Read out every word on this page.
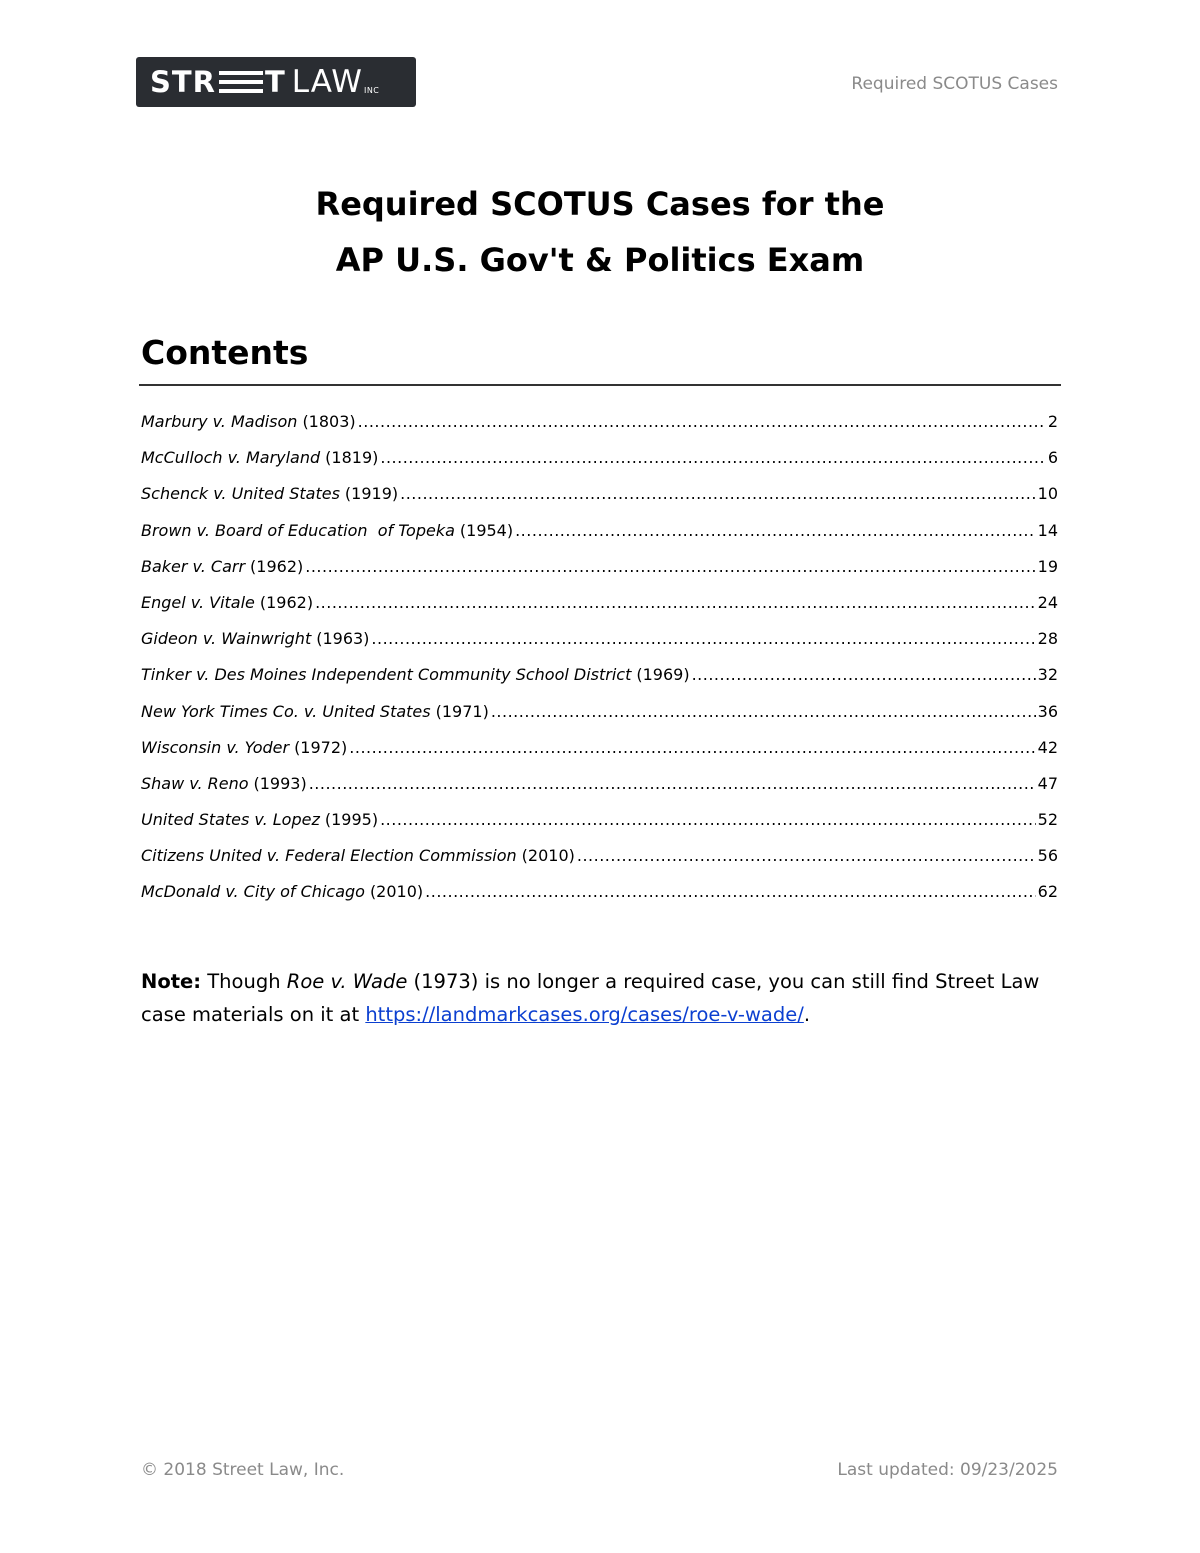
STR T LAW INC	Required SCOTUS Cases
Required SCOTUS Cases for the
AP U.S. Gov't & Politics Exam
Contents
Marbury v. Madison (1803) .....	2
McCulloch v. Maryland (1819) .....	6
Schenck v. United States (1919) .....	10
Brown v. Board of Education  of Topeka (1954) .....	14
Baker v. Carr (1962) .....	19
Engel v. Vitale (1962) .....	24
Gideon v. Wainwright (1963) .....	28
Tinker v. Des Moines Independent Community School District (1969) .....	32
New York Times Co. v. United States (1971) .....	36
Wisconsin v. Yoder (1972) .....	42
Shaw v. Reno (1993) .....	47
United States v. Lopez (1995) .....	52
Citizens United v. Federal Election Commission (2010) .....	56
McDonald v. City of Chicago (2010) .....	62
Note: Though Roe v. Wade (1973) is no longer a required case, you can still find Street Law case materials on it at https://landmarkcases.org/cases/roe-v-wade/.
© 2018 Street Law, Inc.	Last updated: 09/23/2025
